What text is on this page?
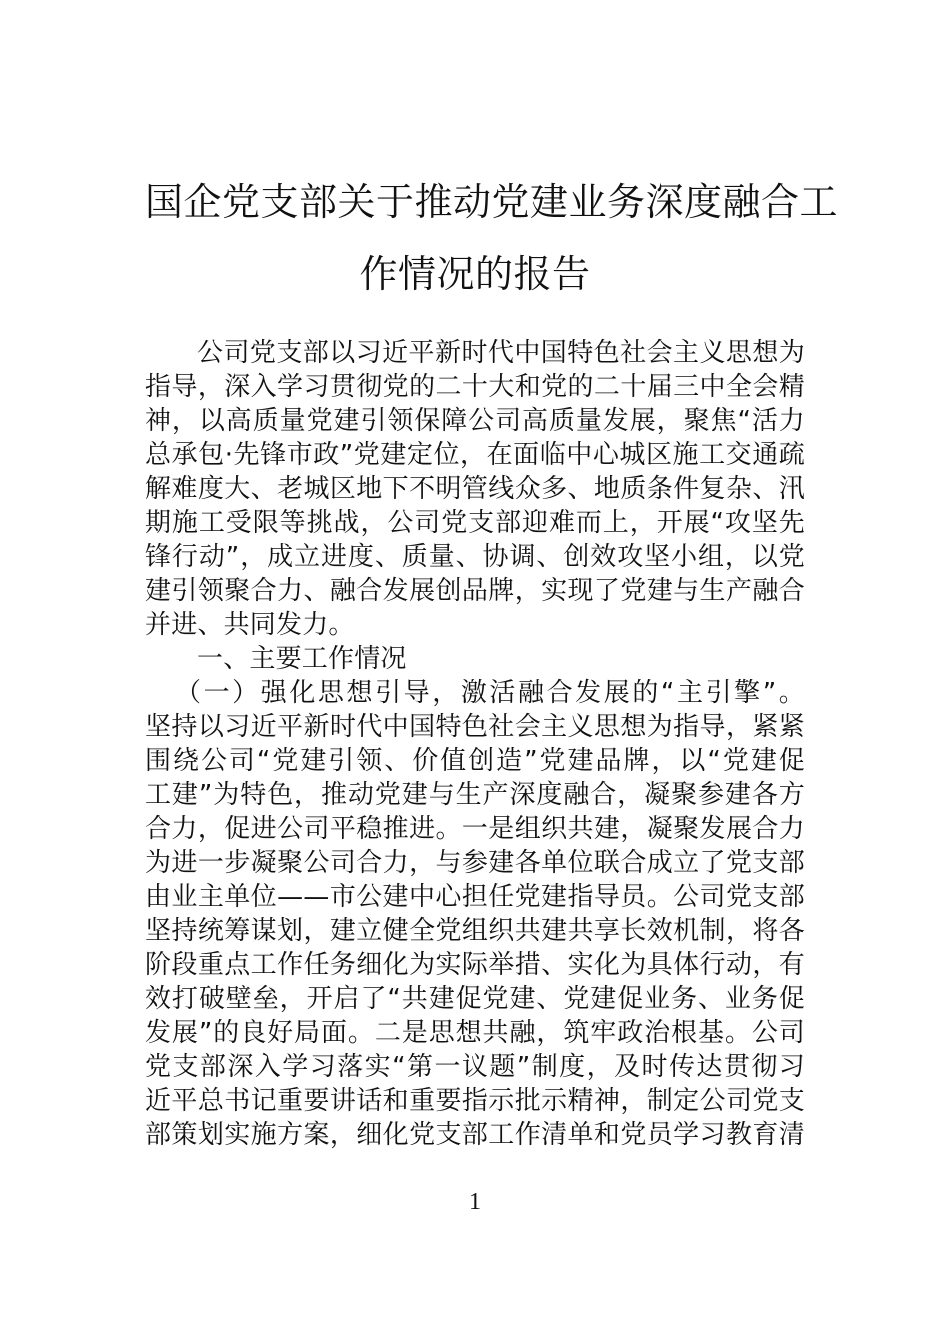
国企党支部关于推动党建业务深度融合工
作情况的报告
公司党支部以习近平新时代中国特色社会主义思想为
指导，深入学习贯彻党的二十大和党的二十届三中全会精
神，以高质量党建引领保障公司高质量发展，聚焦“活力
总承包·先锋市政”党建定位，在面临中心城区施工交通疏
解难度大、老城区地下不明管线众多、地质条件复杂、汛
期施工受限等挑战，公司党支部迎难而上，开展“攻坚先
锋行动”，成立进度、质量、协调、创效攻坚小组，以党
建引领聚合力、融合发展创品牌，实现了党建与生产融合
并进、共同发力。
一、主要工作情况
（一）强化思想引导，激活融合发展的“主引擎”。
坚持以习近平新时代中国特色社会主义思想为指导，紧紧
围绕公司“党建引领、价值创造”党建品牌，以“党建促
工建”为特色，推动党建与生产深度融合，凝聚参建各方
合力，促进公司平稳推进。一是组织共建，凝聚发展合力
为进一步凝聚公司合力，与参建各单位联合成立了党支部
由业主单位——市公建中心担任党建指导员。公司党支部
坚持统筹谋划，建立健全党组织共建共享长效机制，将各
阶段重点工作任务细化为实际举措、实化为具体行动，有
效打破壁垒，开启了“共建促党建、党建促业务、业务促
发展”的良好局面。二是思想共融，筑牢政治根基。公司
党支部深入学习落实“第一议题”制度，及时传达贯彻习
近平总书记重要讲话和重要指示批示精神，制定公司党支
部策划实施方案，细化党支部工作清单和党员学习教育清
1
